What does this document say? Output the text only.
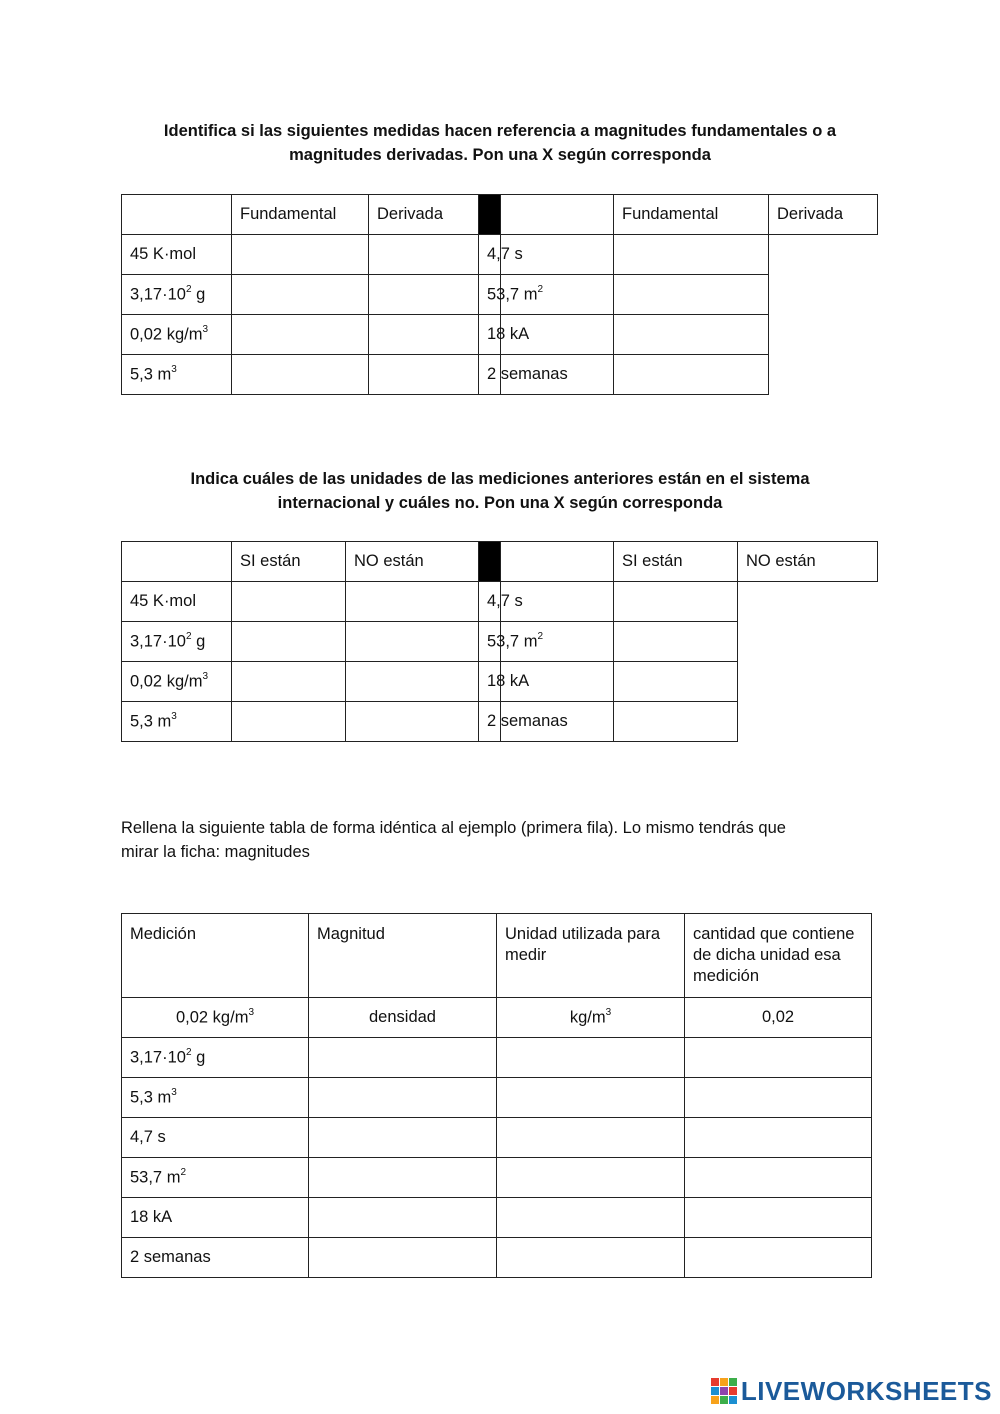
Identifica si las siguientes medidas hacen referencia a magnitudes fundamentales o a
magnitudes derivadas. Pon una X según corresponda
	Fundamental	Derivada			Fundamental	Derivada
45 K·mol			4,7 s			
$3,17\cdot 10^2$ g			53,7 $m^2$		
0,02 $kg/m^3$			18 kA			
5,3 $m^3$			2 semanas			
Indica cuáles de las unidades de las mediciones anteriores están en el sistema
internacional y cuáles no. Pon una X según corresponda
	SI están	NO están			SI están	NO están
45 K·mol			4,7 s			
$3,17\cdot 10^2$ g			53,7 $m^2$		
0,02 $kg/m^3$			18 kA			
5,3 $m^3$			2 semanas			
Rellena la siguiente tabla de forma idéntica al ejemplo (primera fila). Lo mismo tendrás que
mirar la ficha: magnitudes
Medición	Magnitud	Unidad utilizada para medir	cantidad que contiene de dicha unidad esa medición
0,02 $kg/m^3$	densidad	$kg/m^3$	0,02
$3,17\cdot 10^2$ g			
5,3 $m^3$			
4,7 s			
53,7 $m^2$			
18 kA			
2 semanas			
LIVEWORKSHEETS
